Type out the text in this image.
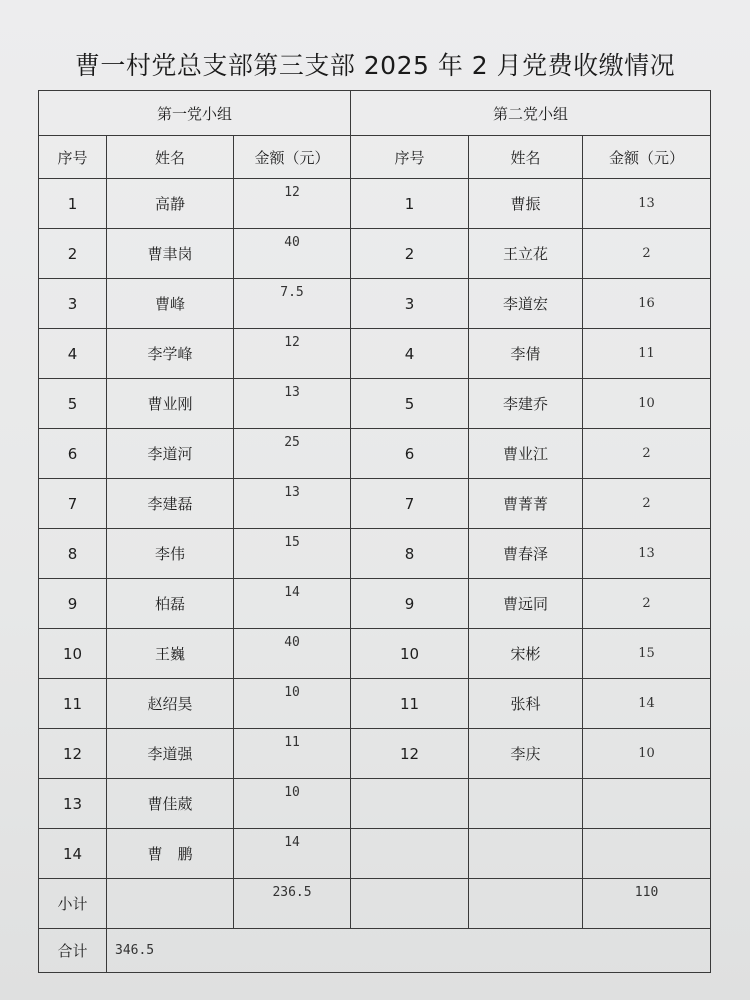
曹一村党总支部第三支部 2025 年 2 月党费收缴情况
第一党小组			第二党小组		
序号	姓名	金额（元）	序号	姓名	金额（元）
1	高静	12	1	曹振	13
2	曹聿岗	40	2	王立花	2
3	曹峰	7.5	3	李道宏	16
4	李学峰	12	4	李倩	11
5	曹业刚	13	5	李建乔	10
6	李道河	25	6	曹业江	2
7	李建磊	13	7	曹菁菁	2
8	李伟	15	8	曹春泽	13
9	柏磊	14	9	曹远同	2
10	王巍	40	10	宋彬	15
11	赵绍昊	10	11	张科	14
12	李道强	11	12	李庆	10
13	曹佳葳	10			
14	曹　鹏	14			
小计		236.5			110
合计	346.5				
